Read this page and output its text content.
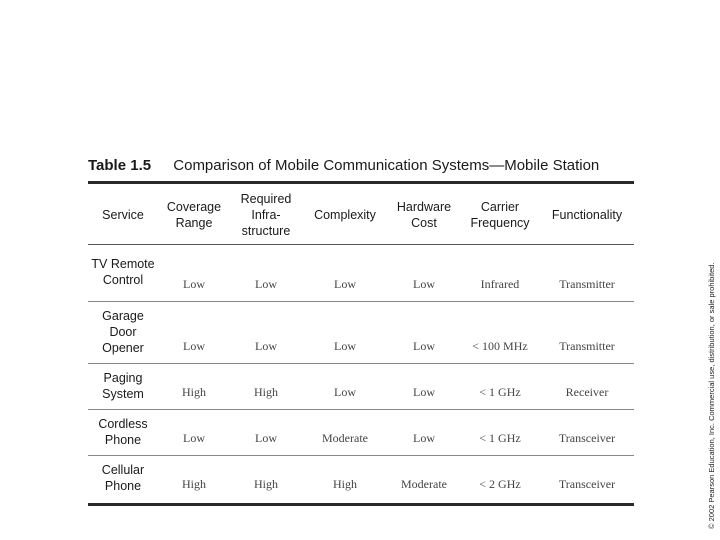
Table 1.5 Comparison of Mobile Communication Systems—Mobile Station
Service	Coverage Range	Required Infra-structure	Complexity	Hardware Cost	Carrier Frequency	Functionality
TV Remote Control	Low	Low	Low	Low	Infrared	Transmitter
Garage Door Opener	Low	Low	Low	Low	< 100 MHz	Transmitter
Paging System	High	High	Low	Low	< 1 GHz	Receiver
Cordless Phone	Low	Low	Moderate	Low	< 1 GHz	Transceiver
Cellular Phone	High	High	High	Moderate	< 2 GHz	Transceiver	© 2002 Pearson Education, Inc. Commercial use, distribution, or sale prohibited.
